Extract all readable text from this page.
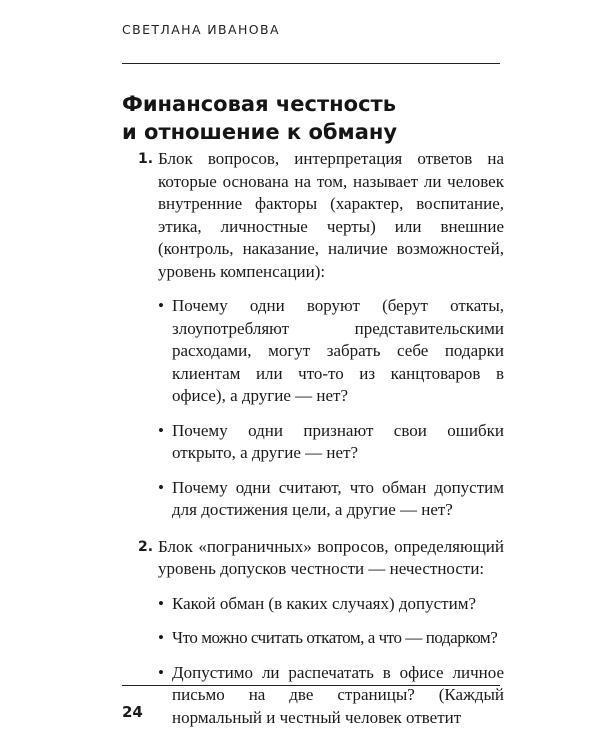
СВЕТЛАНА ИВАНОВА
Финансовая честность
и отношение к обману
1. Блок вопросов, интерпретация ответов на которые основана на том, называет ли человек внутренние факторы (характер, воспитание, этика, личностные черты) или внешние (контроль, наказание, наличие возможностей, уровень компенсации):
• Почему одни воруют (берут откаты, злоупотребляют представительскими расходами, могут забрать себе подарки клиентам или что-то из канцтоваров в офисе), а другие — нет?
• Почему одни признают свои ошибки открыто, а другие — нет?
• Почему одни считают, что обман допустим для достижения цели, а другие — нет?
2. Блок «пограничных» вопросов, определяющий уровень допусков честности — нечестности:
• Какой обман (в каких случаях) допустим?
• Что можно считать откатом, а что — подарком?
• Допустимо ли распечатать в офисе личное письмо на две страницы? (Каждый нормальный и честный человек ответит
24
